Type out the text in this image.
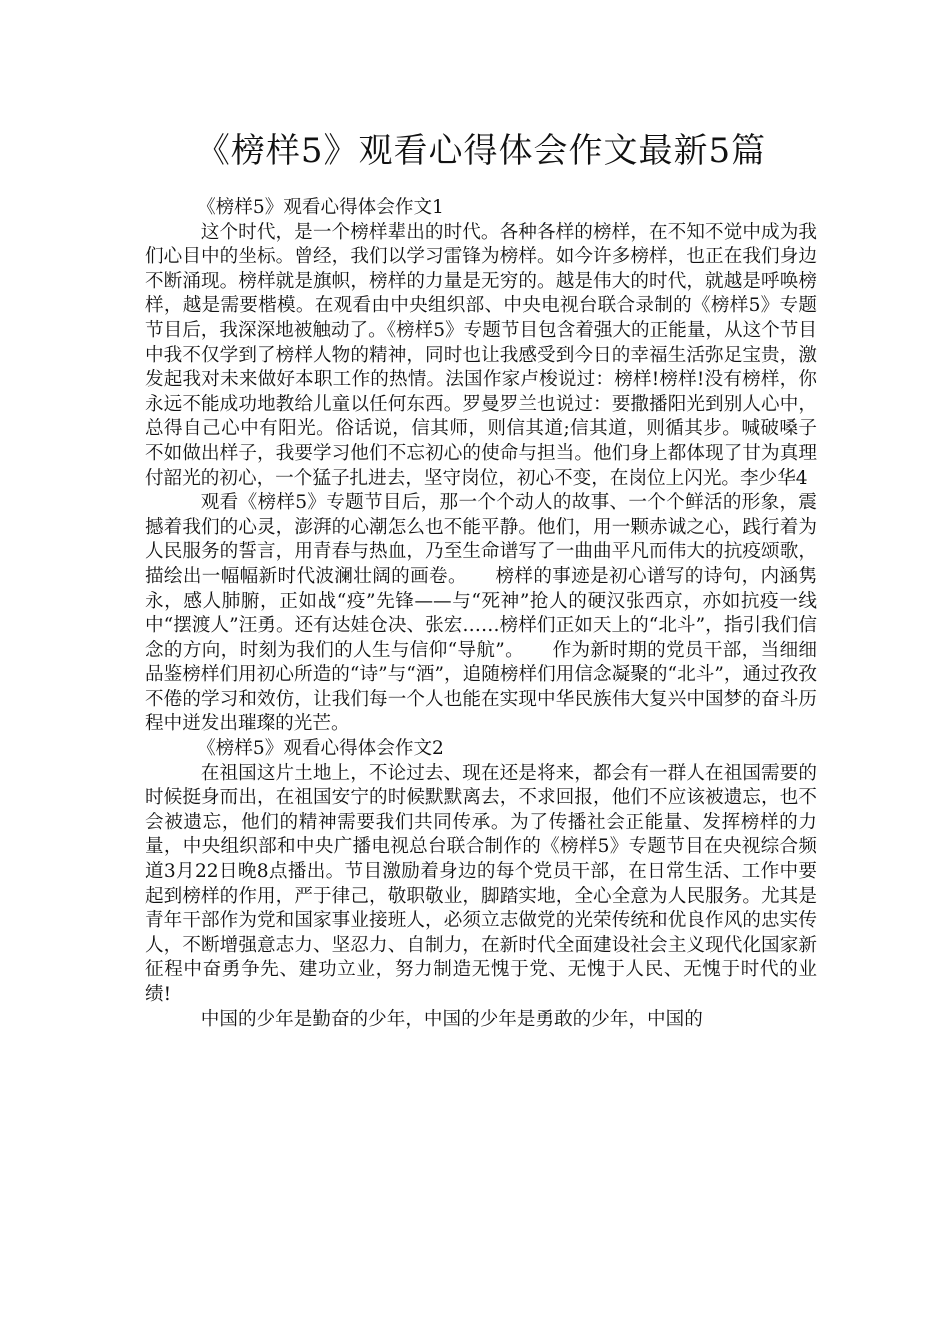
《榜样5》观看心得体会作文最新5篇

《榜样5》观看心得体会作文1

这个时代，是一个榜样辈出的时代。各种各样的榜样，在不知不觉中成为我们心目中的坐标。曾经，我们以学习雷锋为榜样。如今许多榜样，也正在我们身边不断涌现。榜样就是旗帜，榜样的力量是无穷的。越是伟大的时代，就越是呼唤榜样，越是需要楷模。在观看由中央组织部、中央电视台联合录制的《榜样5》专题节目后，我深深地被触动了。《榜样5》专题节目包含着强大的正能量，从这个节目中我不仅学到了榜样人物的精神，同时也让我感受到今日的幸福生活弥足宝贵，激发起我对未来做好本职工作的热情。法国作家卢梭说过：榜样!榜样!没有榜样，你永远不能成功地教给儿童以任何东西。罗曼罗兰也说过：要撒播阳光到别人心中，总得自己心中有阳光。俗话说，信其师，则信其道;信其道，则循其步。喊破嗓子不如做出样子，我要学习他们不忘初心的使命与担当。他们身上都体现了甘为真理付韶光的初心，一个猛子扎进去，坚守岗位，初心不变，在岗位上闪光。李少华4

观看《榜样5》专题节目后，那一个个动人的故事、一个个鲜活的形象，震撼着我们的心灵，澎湃的心潮怎么也不能平静。他们，用一颗赤诚之心，践行着为人民服务的誓言，用青春与热血，乃至生命谱写了一曲曲平凡而伟大的抗疫颂歌，描绘出一幅幅新时代波澜壮阔的画卷。　　榜样的事迹是初心谱写的诗句，内涵隽永，感人肺腑，正如战“疫”先锋——与“死神”抢人的硬汉张西京，亦如抗疫一线中“摆渡人”汪勇。还有达娃仓决、张宏……榜样们正如天上的“北斗”，指引我们信念的方向，时刻为我们的人生与信仰“导航”。　　作为新时期的党员干部，当细细品鉴榜样们用初心所造的“诗”与“酒”，追随榜样们用信念凝聚的“北斗”，通过孜孜不倦的学习和效仿，让我们每一个人也能在实现中华民族伟大复兴中国梦的奋斗历程中迸发出璀璨的光芒。

《榜样5》观看心得体会作文2

在祖国这片土地上，不论过去、现在还是将来，都会有一群人在祖国需要的时候挺身而出，在祖国安宁的时候默默离去，不求回报，他们不应该被遗忘，也不会被遗忘，他们的精神需要我们共同传承。为了传播社会正能量、发挥榜样的力量，中央组织部和中央广播电视总台联合制作的《榜样5》专题节目在央视综合频道3月22日晚8点播出。节目激励着身边的每个党员干部，在日常生活、工作中要起到榜样的作用，严于律己，敬职敬业，脚踏实地，全心全意为人民服务。尤其是青年干部作为党和国家事业接班人，必须立志做党的光荣传统和优良作风的忠实传人，不断增强意志力、坚忍力、自制力，在新时代全面建设社会主义现代化国家新征程中奋勇争先、建功立业，努力制造无愧于党、无愧于人民、无愧于时代的业绩!

中国的少年是勤奋的少年，中国的少年是勇敢的少年，中国的
